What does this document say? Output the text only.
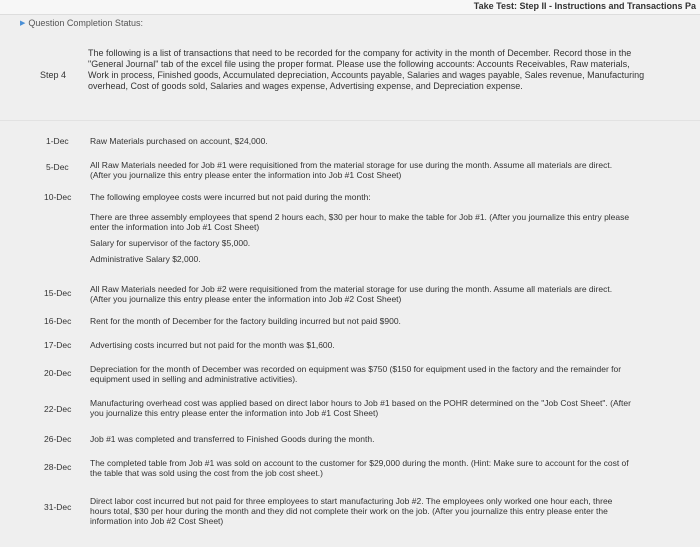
Take Test: Step II - Instructions and Transactions Pa
▶ Question Completion Status:
Step 4
The following is a list of transactions that need to be recorded for the company for activity in the month of December. Record those in the "General Journal" tab of the excel file using the proper format. Please use the following accounts: Accounts Receivables, Raw materials, Work in process, Finished goods, Accumulated depreciation, Accounts payable, Salaries and wages payable, Sales revenue, Manufacturing overhead, Cost of goods sold, Salaries and wages expense, Advertising expense, and Depreciation expense.
1-Dec	Raw Materials purchased on account, $24,000.
5-Dec	All Raw Materials needed for Job #1 were requisitioned from the material storage for use during the month. Assume all materials are direct. (After you journalize this entry please enter the information into Job #1 Cost Sheet)
10-Dec The following employee costs were incurred but not paid during the month:

There are three assembly employees that spend 2 hours each, $30 per hour to make the table for Job #1. (After you journalize this entry please enter the information into Job #1 Cost Sheet)

Salary for supervisor of the factory $5,000.

Administrative Salary $2,000.

15-Dec All Raw Materials needed for Job #2 were requisitioned from the material storage for use during the month. Assume all materials are direct. (After you journalize this entry please enter the information into Job #2 Cost Sheet)
16-Dec Rent for the month of December for the factory building incurred but not paid $900.
17-Dec Advertising costs incurred but not paid for the month was $1,600.
20-Dec Depreciation for the month of December was recorded on equipment was $750 ($150 for equipment used in the factory and the remainder for equipment used in selling and administrative activities).
22-Dec
Manufacturing overhead cost was applied based on direct labor hours to Job #1 based on the POHR determined on the "Job Cost Sheet". (After you journalize this entry please enter the information into Job #1 Cost Sheet)
26-Dec Job #1 was completed and transferred to Finished Goods during the month.
28-Dec The completed table from Job #1 was sold on account to the customer for $29,000 during the month. (Hint: Make sure to account for the cost of the table that was sold using the cost from the job cost sheet.)
31-Dec
Direct labor cost incurred but not paid for three employees to start manufacturing Job #2. The employees only worked one hour each, three hours total, $30 per hour during the month and they did not complete their work on the job. (After you journalize this entry please enter the information into Job #2 Cost Sheet)
